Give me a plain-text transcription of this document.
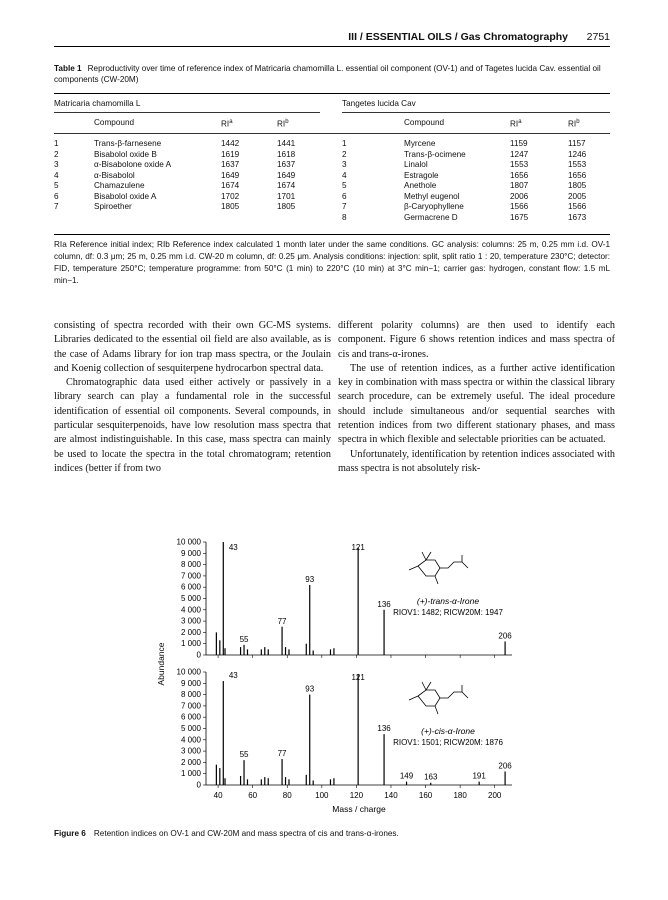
III / ESSENTIAL OILS / Gas Chromatography 2751
Table 1 Reproductivity over time of reference index of Matricaria chamomilla L. essential oil component (OV-1) and of Tagetes lucida Cav. essential oil components (CW-20M)
Matricaria chamomilla L	Tangetes lucida Cav
	Compound	$RI^a$	$RI^b$

1	Trans-β-farnesene	1442	1441
2	Bisabolol oxide B	1619	1618
3	α-Bisabolone oxide A	1637	1637
4	α-Bisabolol	1649	1649
5	Chamazulene	1674	1674
6	Bisabolol oxide A	1702	1701
7	Spiroether	1805	1805
	Compound	$RI^a$	$RI^b$

1	Myrcene	1159	1157
2	Trans-β-ocimene	1247	1246
3	Linalol	1553	1553
4	Estragole	1656	1656
5	Anethole	1807	1805
6	Methyl eugenol	2006	2005
7	β-Caryophyllene	1566	1566
8	Germacrene D	1675	1673
RIa Reference initial index; RIb Reference index calculated 1 month later under the same conditions. GC analysis: columns: 25 m, 0.25 mm i.d. OV-1 column, df: 0.3 μm; 25 m, 0.25 mm i.d. CW-20 m column, df: 0.25 μm. Analysis conditions: injection: split, split ratio 1 : 20, temperature 230°C; detector: FID, temperature 250°C; temperature programme: from 50°C (1 min) to 220°C (10 min) at 3°C min−1; carrier gas: hydrogen, constant flow: 1.5 mL min−1.

consisting of spectra recorded with their own GC-MS systems. Libraries dedicated to the essential oil field are also available, as is the case of Adams library for ion trap mass spectra, or the Joulain and Koenig collection of sesquiterpene hydrocarbon spectral data.

Chromatographic data used either actively or passively in a library search can play a fundamental role in the successful identification of essential oil components. Several compounds, in particular sesquiterpenoids, have low resolution mass spectra that are almost indistinguishable. In this case, mass spectra can mainly be used to locate the spectra in the total chromatogram; retention indices (better if from two

different polarity columns) are then used to identify each component. Figure 6 shows retention indices and mass spectra of cis and trans-α-irones.

The use of retention indices, as a further active identification key in combination with mass spectra or within the classical library search procedure, can be extremely useful. The ideal procedure should include simultaneous and/or sequential searches with retention indices from two different stationary phases, and mass spectra in which flexible and selectable priorities can be actuated.

Unfortunately, identification by retention indices associated with mass spectra is not absolutely risk-

0
1 000
2 000
3 000
4 000
5 000
6 000
7 000
8 000
9 000
10 000
43
55
77
93
121
136
206
(+)-trans-α-Irone
RIOV1: 1482; RICW20M: 1947
0
1 000
2 000
3 000
4 000
5 000
6 000
7 000
8 000
9 000
10 000
40	60	80	100	120	140	160	180	200
43
55	77
93
121
136
149 163	191
206
(+)-cis-α-Irone
RIOV1: 1501; RICW20M: 1876
Abundance
Mass / charge
Figure 6 Retention indices on OV-1 and CW-20M and mass spectra of cis and trans-α-irones.
